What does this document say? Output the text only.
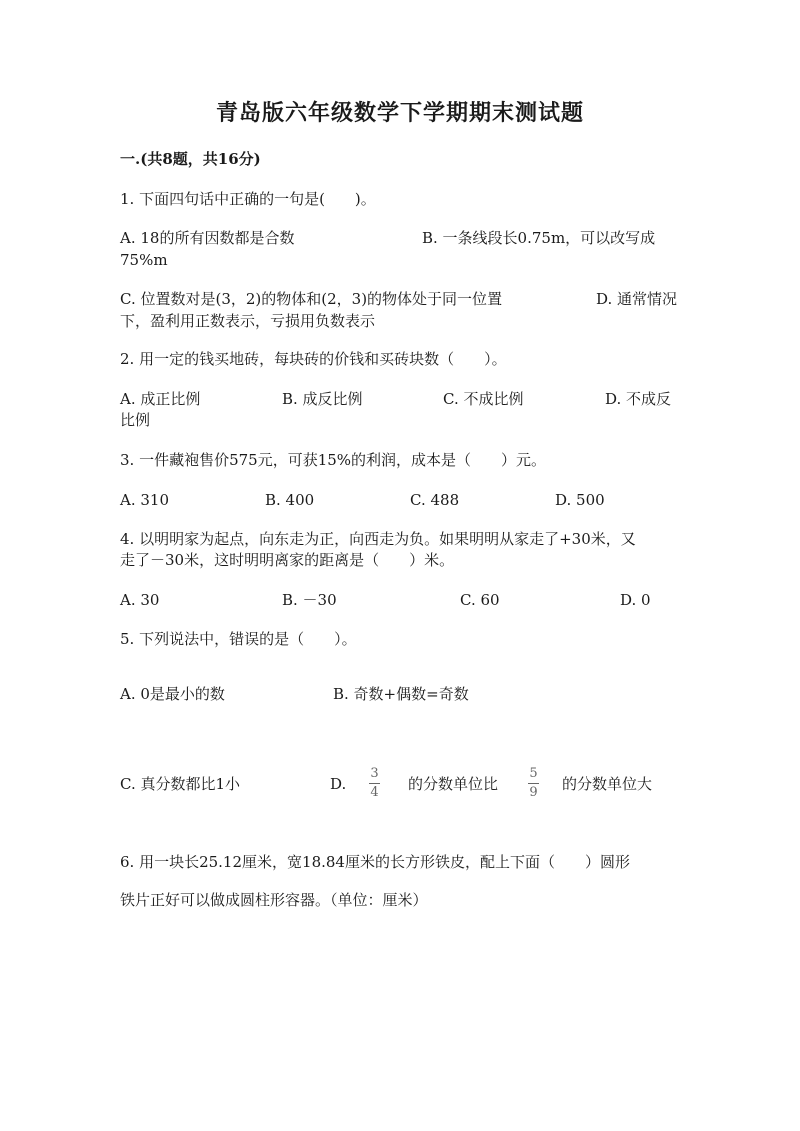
青岛版六年级数学下学期期末测试题
一.(共8题，共16分)
1. 下面四句话中正确的一句是(　　)。
A. 18的所有因数都是合数	B. 一条线段长0.75m，可以改写成
75%m
C. 位置数对是(3，2)的物体和(2，3)的物体处于同一位置	D. 通常情况
下，盈利用正数表示，亏损用负数表示
2. 用一定的钱买地砖，每块砖的价钱和买砖块数（　　）。
A. 成正比例	B. 成反比例	C. 不成比例	D. 不成反
比例
3. 一件藏袍售价575元，可获15%的利润，成本是（　　）元。
A. 310	B. 400	C. 488	D. 500
4. 以明明家为起点，向东走为正，向西走为负。如果明明从家走了+30米，又
走了－30米，这时明明离家的距离是（　　）米。
A. 30	B. －30	C. 60	D. 0
5. 下列说法中，错误的是（　　）。
A. 0是最小的数	B. 奇数+偶数=奇数
C. 真分数都比1小	D.
3
4 的分数单位比
5
9 的分数单位大
6. 用一块长25.12厘米，宽18.84厘米的长方形铁皮，配上下面（　　）圆形
铁片正好可以做成圆柱形容器。（单位：厘米）
